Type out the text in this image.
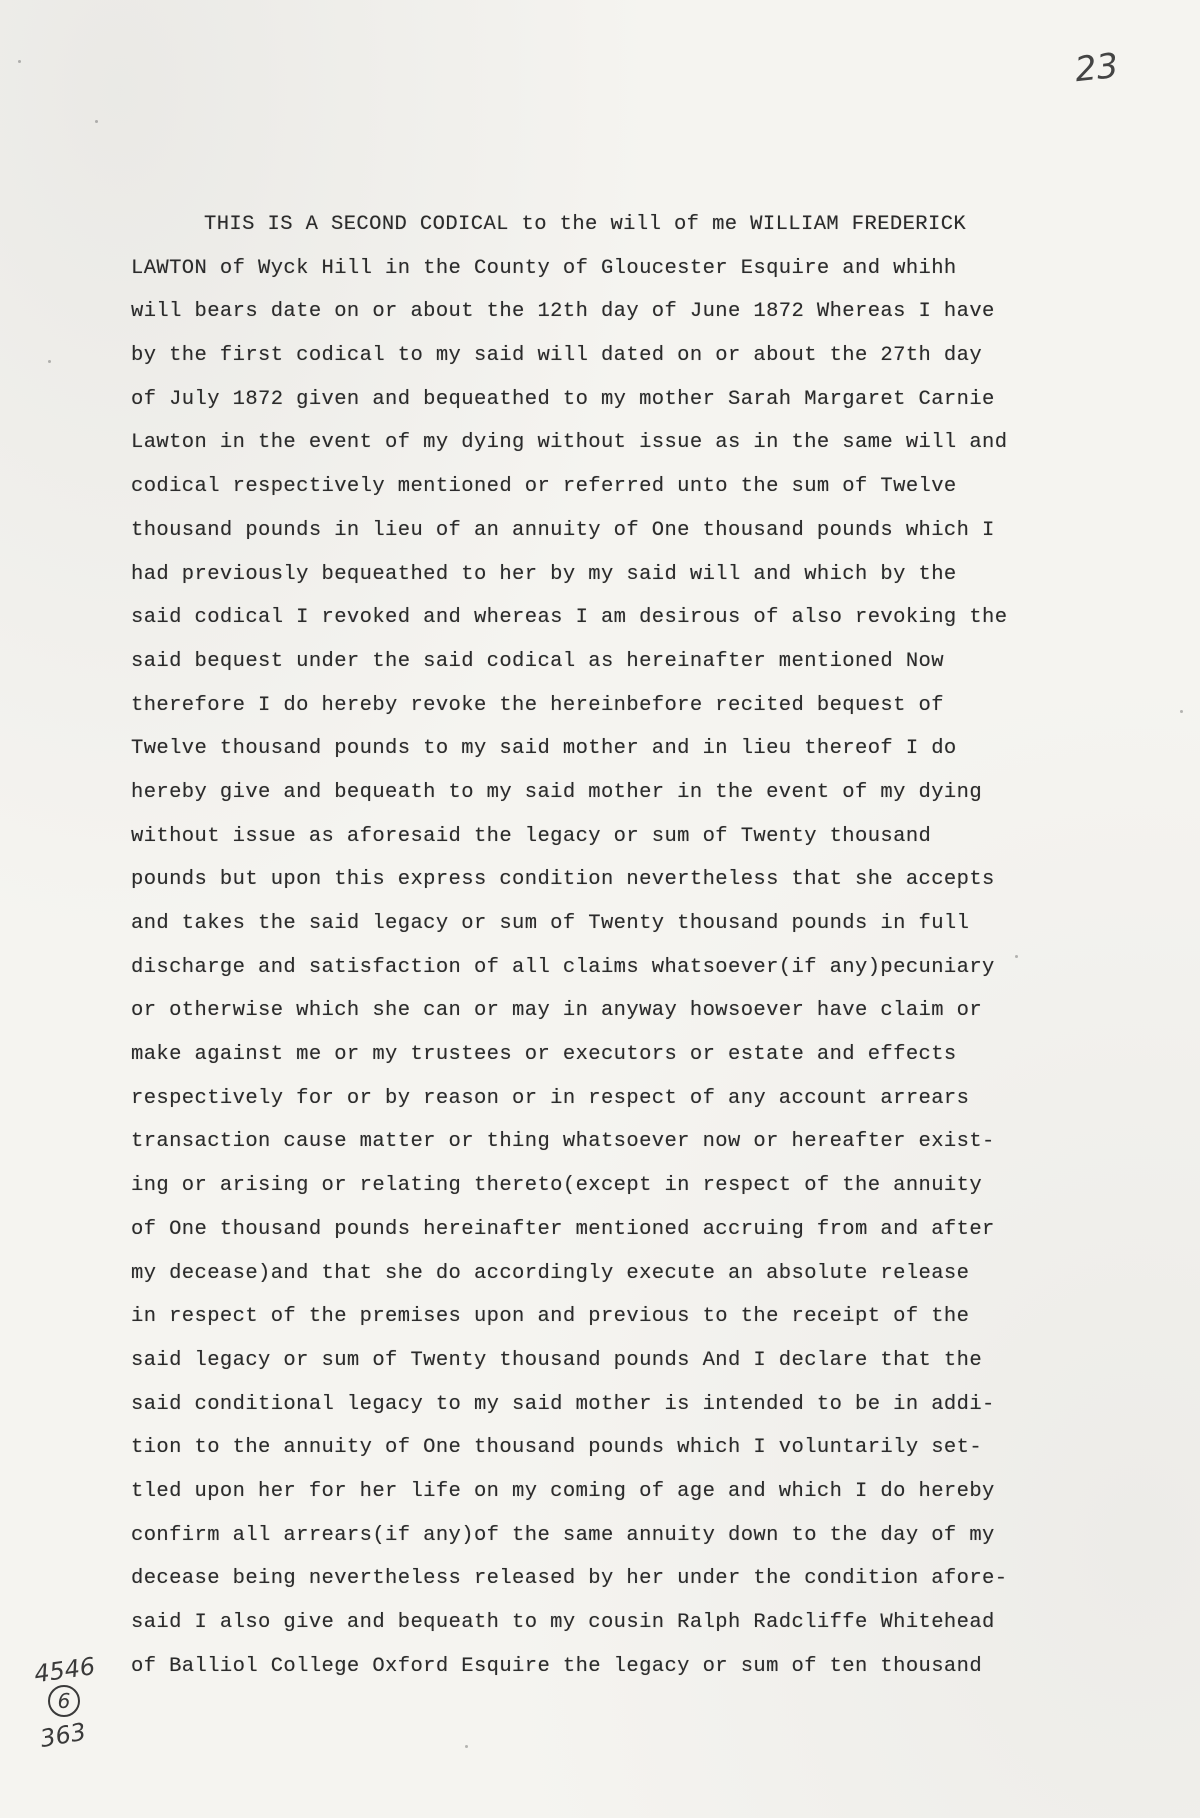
23
THIS IS A SECOND CODICAL to the will of me WILLIAM FREDERICK
LAWTON of Wyck Hill in the County of Gloucester Esquire and whihh
will bears date on or about the 12th day of June 1872 Whereas I have
by the first codical to my said will dated on or about the 27th day
of July 1872 given and bequeathed to my mother Sarah Margaret Carnie
Lawton in the event of my dying without issue as in the same will and
codical respectively mentioned or referred unto the sum of Twelve
thousand pounds in lieu of an annuity of One thousand pounds which I
had previously bequeathed to her by my said will and which by the
said codical I revoked and whereas I am desirous of also revoking the
said bequest under the said codical as hereinafter mentioned Now
therefore I do hereby revoke the hereinbefore recited bequest of
Twelve thousand pounds to my said mother and in lieu thereof I do
hereby give and bequeath to my said mother in the event of my dying
without issue as aforesaid the legacy or sum of Twenty thousand
pounds but upon this express condition nevertheless that she accepts
and takes the said legacy or sum of Twenty thousand pounds in full
discharge and satisfaction of all claims whatsoever(if any)pecuniary
or otherwise which she can or may in anyway howsoever have claim or
make against me or my trustees or executors or estate and effects
respectively for or by reason or in respect of any account arrears
transaction cause matter or thing whatsoever now or hereafter exist-
ing or arising or relating thereto(except in respect of the annuity
of One thousand pounds hereinafter mentioned accruing from and after
my decease)and that she do accordingly execute an absolute release
in respect of the premises upon and previous to the receipt of the
said legacy or sum of Twenty thousand pounds And I declare that the
said conditional legacy to my said mother is intended to be in addi-
tion to the annuity of One thousand pounds which I voluntarily set-
tled upon her for her life on my coming of age and which I do hereby
confirm all arrears(if any)of the same annuity down to the day of my
decease being nevertheless released by her under the condition afore-
said I also give and bequeath to my cousin Ralph Radcliffe Whitehead
of Balliol College Oxford Esquire the legacy or sum of ten thousand
4546
6
363
